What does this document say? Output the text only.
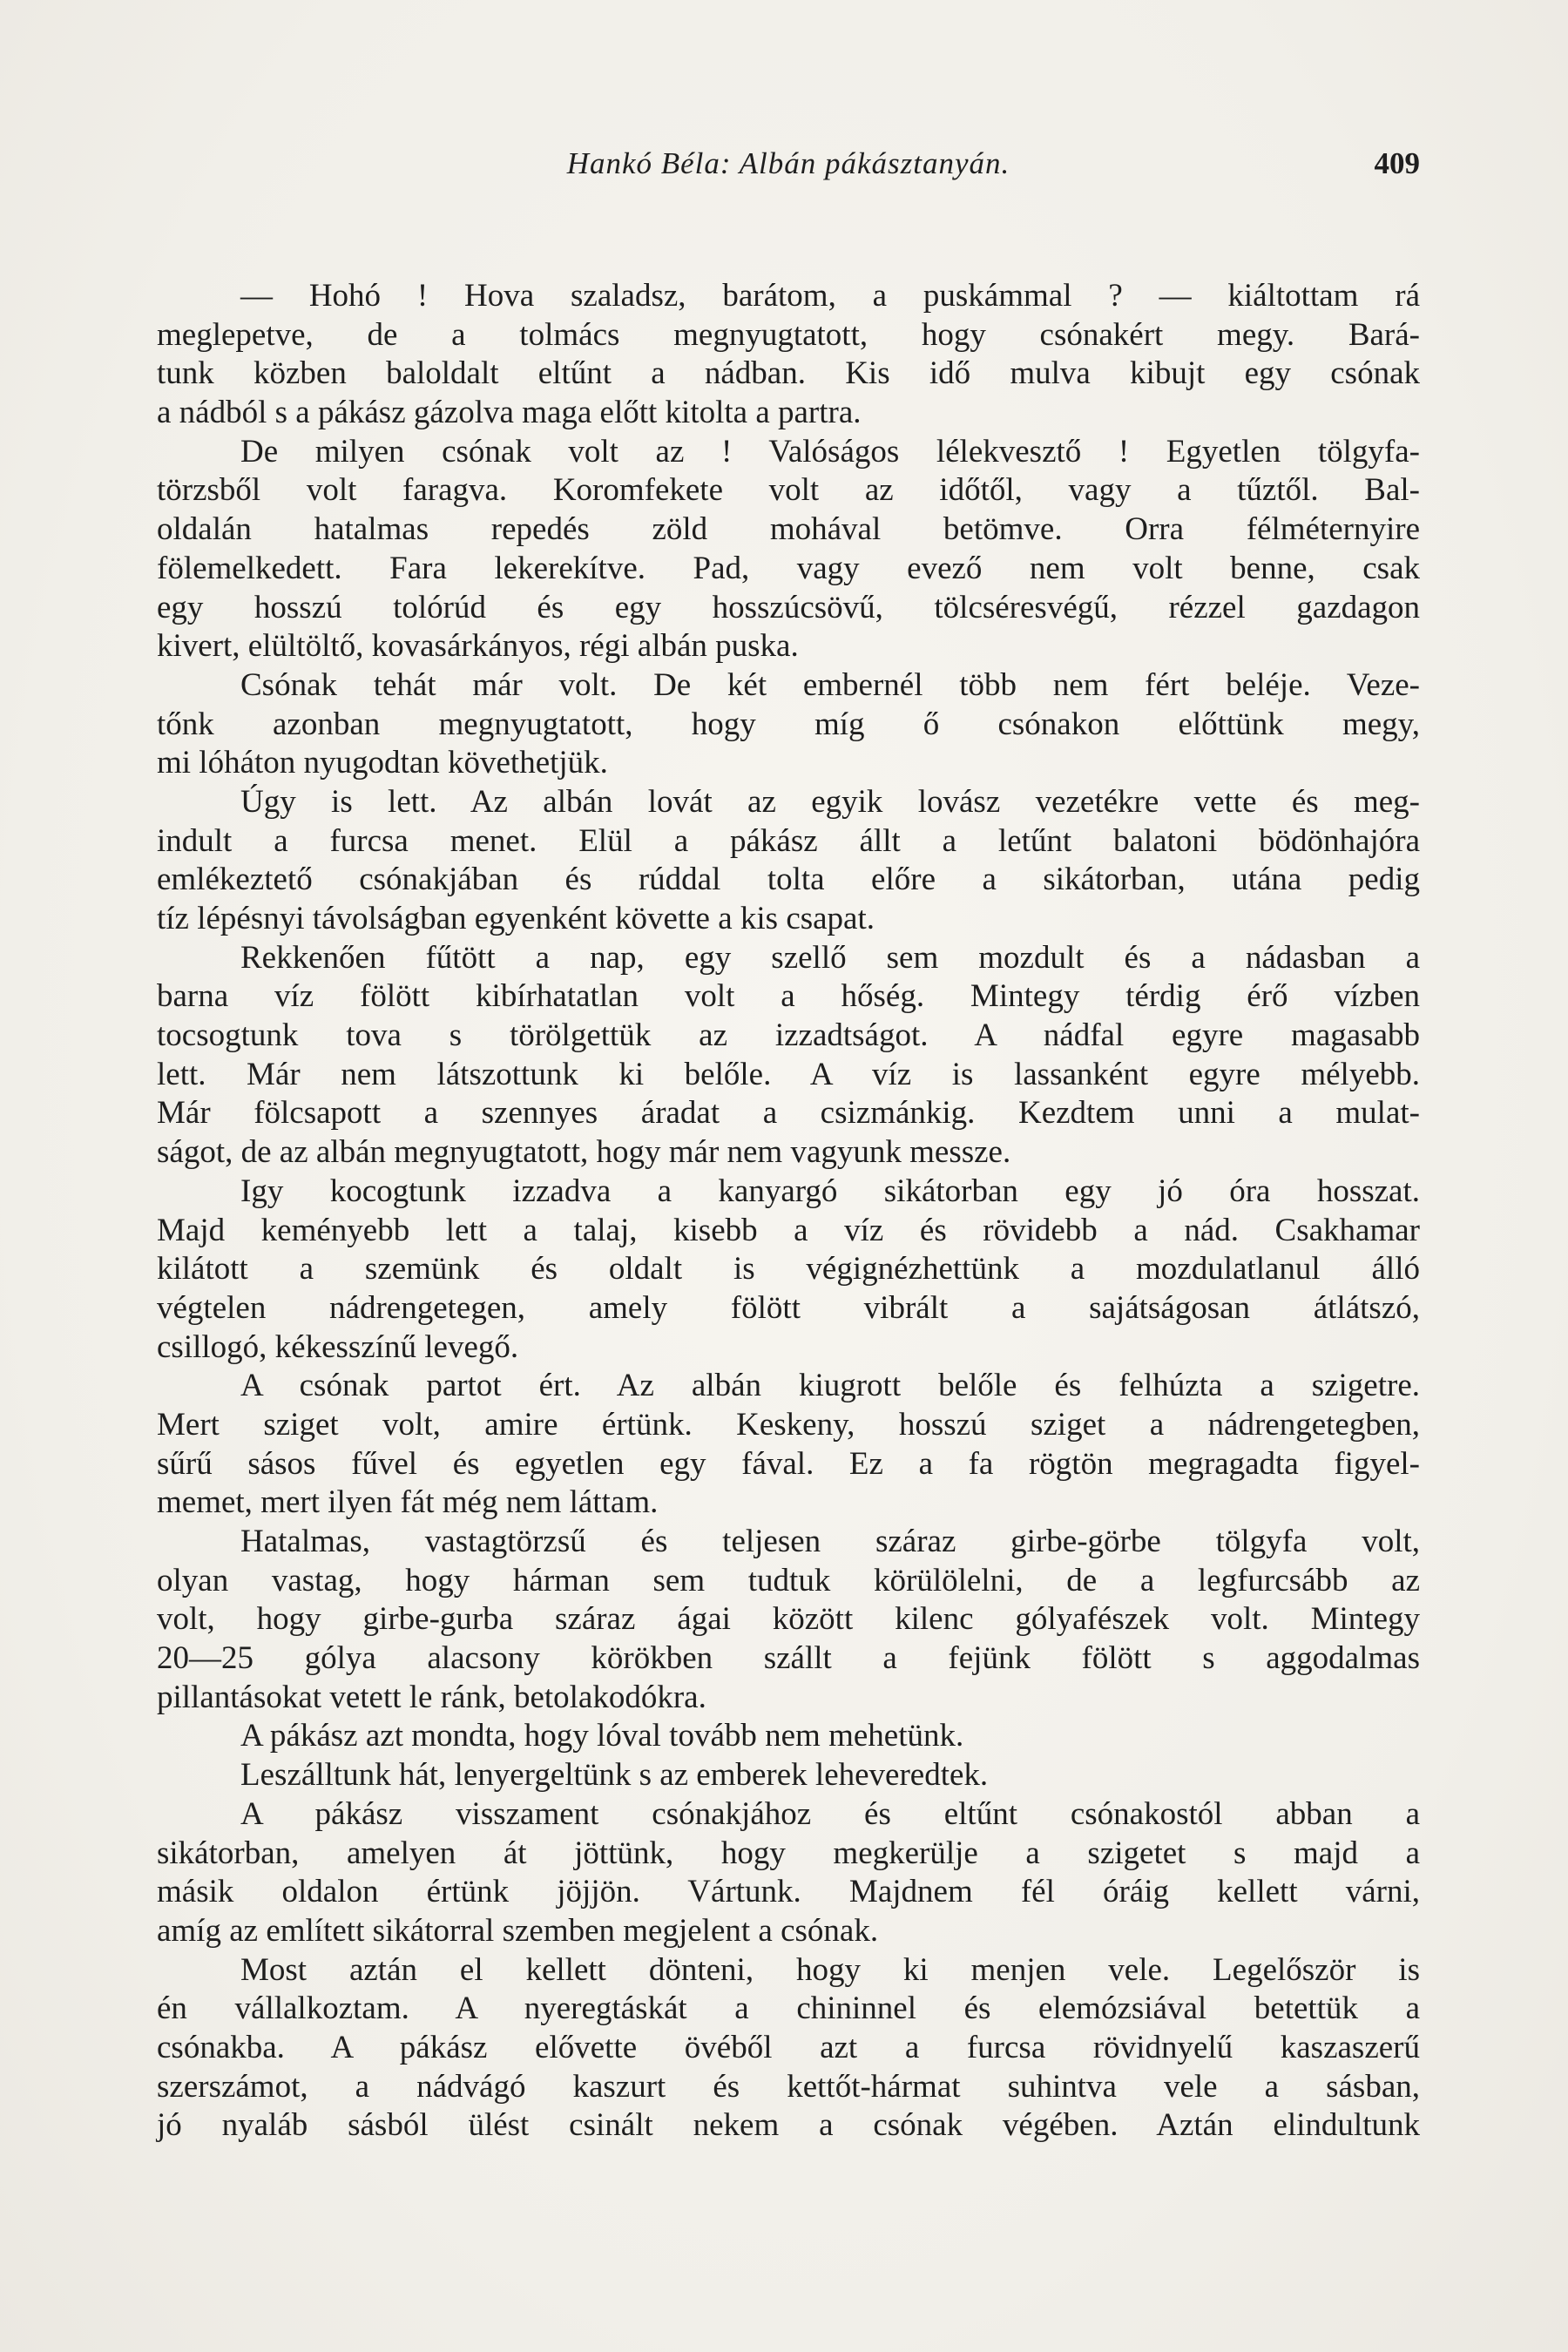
Hankó Béla: Albán pákásztanyán.	409
— Hohó ! Hova szaladsz, barátom, a puskámmal ? — kiáltottam rá
meglepetve, de a tolmács megnyugtatott, hogy csónakért megy. Bará-
tunk közben baloldalt eltűnt a nádban. Kis idő mulva kibujt egy csónak
a nádból s a pákász gázolva maga előtt kitolta a partra.
De milyen csónak volt az ! Valóságos lélekvesztő ! Egyetlen tölgyfa-
törzsből volt faragva. Koromfekete volt az időtől, vagy a tűztől. Bal-
oldalán hatalmas repedés zöld mohával betömve. Orra félméternyire
fölemelkedett. Fara lekerekítve. Pad, vagy evező nem volt benne, csak
egy hosszú tolórúd és egy hosszúcsövű, tölcséresvégű, rézzel gazdagon
kivert, elültöltő, kovasárkányos, régi albán puska.
Csónak tehát már volt. De két embernél több nem fért beléje. Veze-
tőnk azonban megnyugtatott, hogy míg ő csónakon előttünk megy,
mi lóháton nyugodtan követhetjük.
Úgy is lett. Az albán lovát az egyik lovász vezetékre vette és meg-
indult a furcsa menet. Elül a pákász állt a letűnt balatoni bödönhajóra
emlékeztető csónakjában és rúddal tolta előre a sikátorban, utána pedig
tíz lépésnyi távolságban egyenként követte a kis csapat.
Rekkenően fűtött a nap, egy szellő sem mozdult és a nádasban a
barna víz fölött kibírhatatlan volt a hőség. Mintegy térdig érő vízben
tocsogtunk tova s törölgettük az izzadtságot. A nádfal egyre magasabb
lett. Már nem látszottunk ki belőle. A víz is lassanként egyre mélyebb.
Már fölcsapott a szennyes áradat a csizmánkig. Kezdtem unni a mulat-
ságot, de az albán megnyugtatott, hogy már nem vagyunk messze.
Igy kocogtunk izzadva a kanyargó sikátorban egy jó óra hosszat.
Majd keményebb lett a talaj, kisebb a víz és rövidebb a nád. Csakhamar
kilátott a szemünk és oldalt is végignézhettünk a mozdulatlanul álló
végtelen nádrengetegen, amely fölött vibrált a sajátságosan átlátszó,
csillogó, kékesszínű levegő.
A csónak partot ért. Az albán kiugrott belőle és felhúzta a szigetre.
Mert sziget volt, amire értünk. Keskeny, hosszú sziget a nádrengetegben,
sűrű sásos fűvel és egyetlen egy fával. Ez a fa rögtön megragadta figyel-
memet, mert ilyen fát még nem láttam.
Hatalmas, vastagtörzsű és teljesen száraz girbe-görbe tölgyfa volt,
olyan vastag, hogy hárman sem tudtuk körülölelni, de a legfurcsább az
volt, hogy girbe-gurba száraz ágai között kilenc gólyafészek volt. Mintegy
20—25 gólya alacsony körökben szállt a fejünk fölött s aggodalmas
pillantásokat vetett le ránk, betolakodókra.
A pákász azt mondta, hogy lóval tovább nem mehetünk.
Leszálltunk hát, lenyergeltünk s az emberek leheveredtek.
A pákász visszament csónakjához és eltűnt csónakostól abban a
sikátorban, amelyen át jöttünk, hogy megkerülje a szigetet s majd a
másik oldalon értünk jöjjön. Vártunk. Majdnem fél óráig kellett várni,
amíg az említett sikátorral szemben megjelent a csónak.
Most aztán el kellett dönteni, hogy ki menjen vele. Legelőször is
én vállalkoztam. A nyeregtáskát a chininnel és elemózsiával betettük a
csónakba. A pákász elővette övéből azt a furcsa rövidnyelű kaszaszerű
szerszámot, a nádvágó kaszurt és kettőt-hármat suhintva vele a sásban,
jó nyaláb sásból ülést csinált nekem a csónak végében. Aztán elindultunk
